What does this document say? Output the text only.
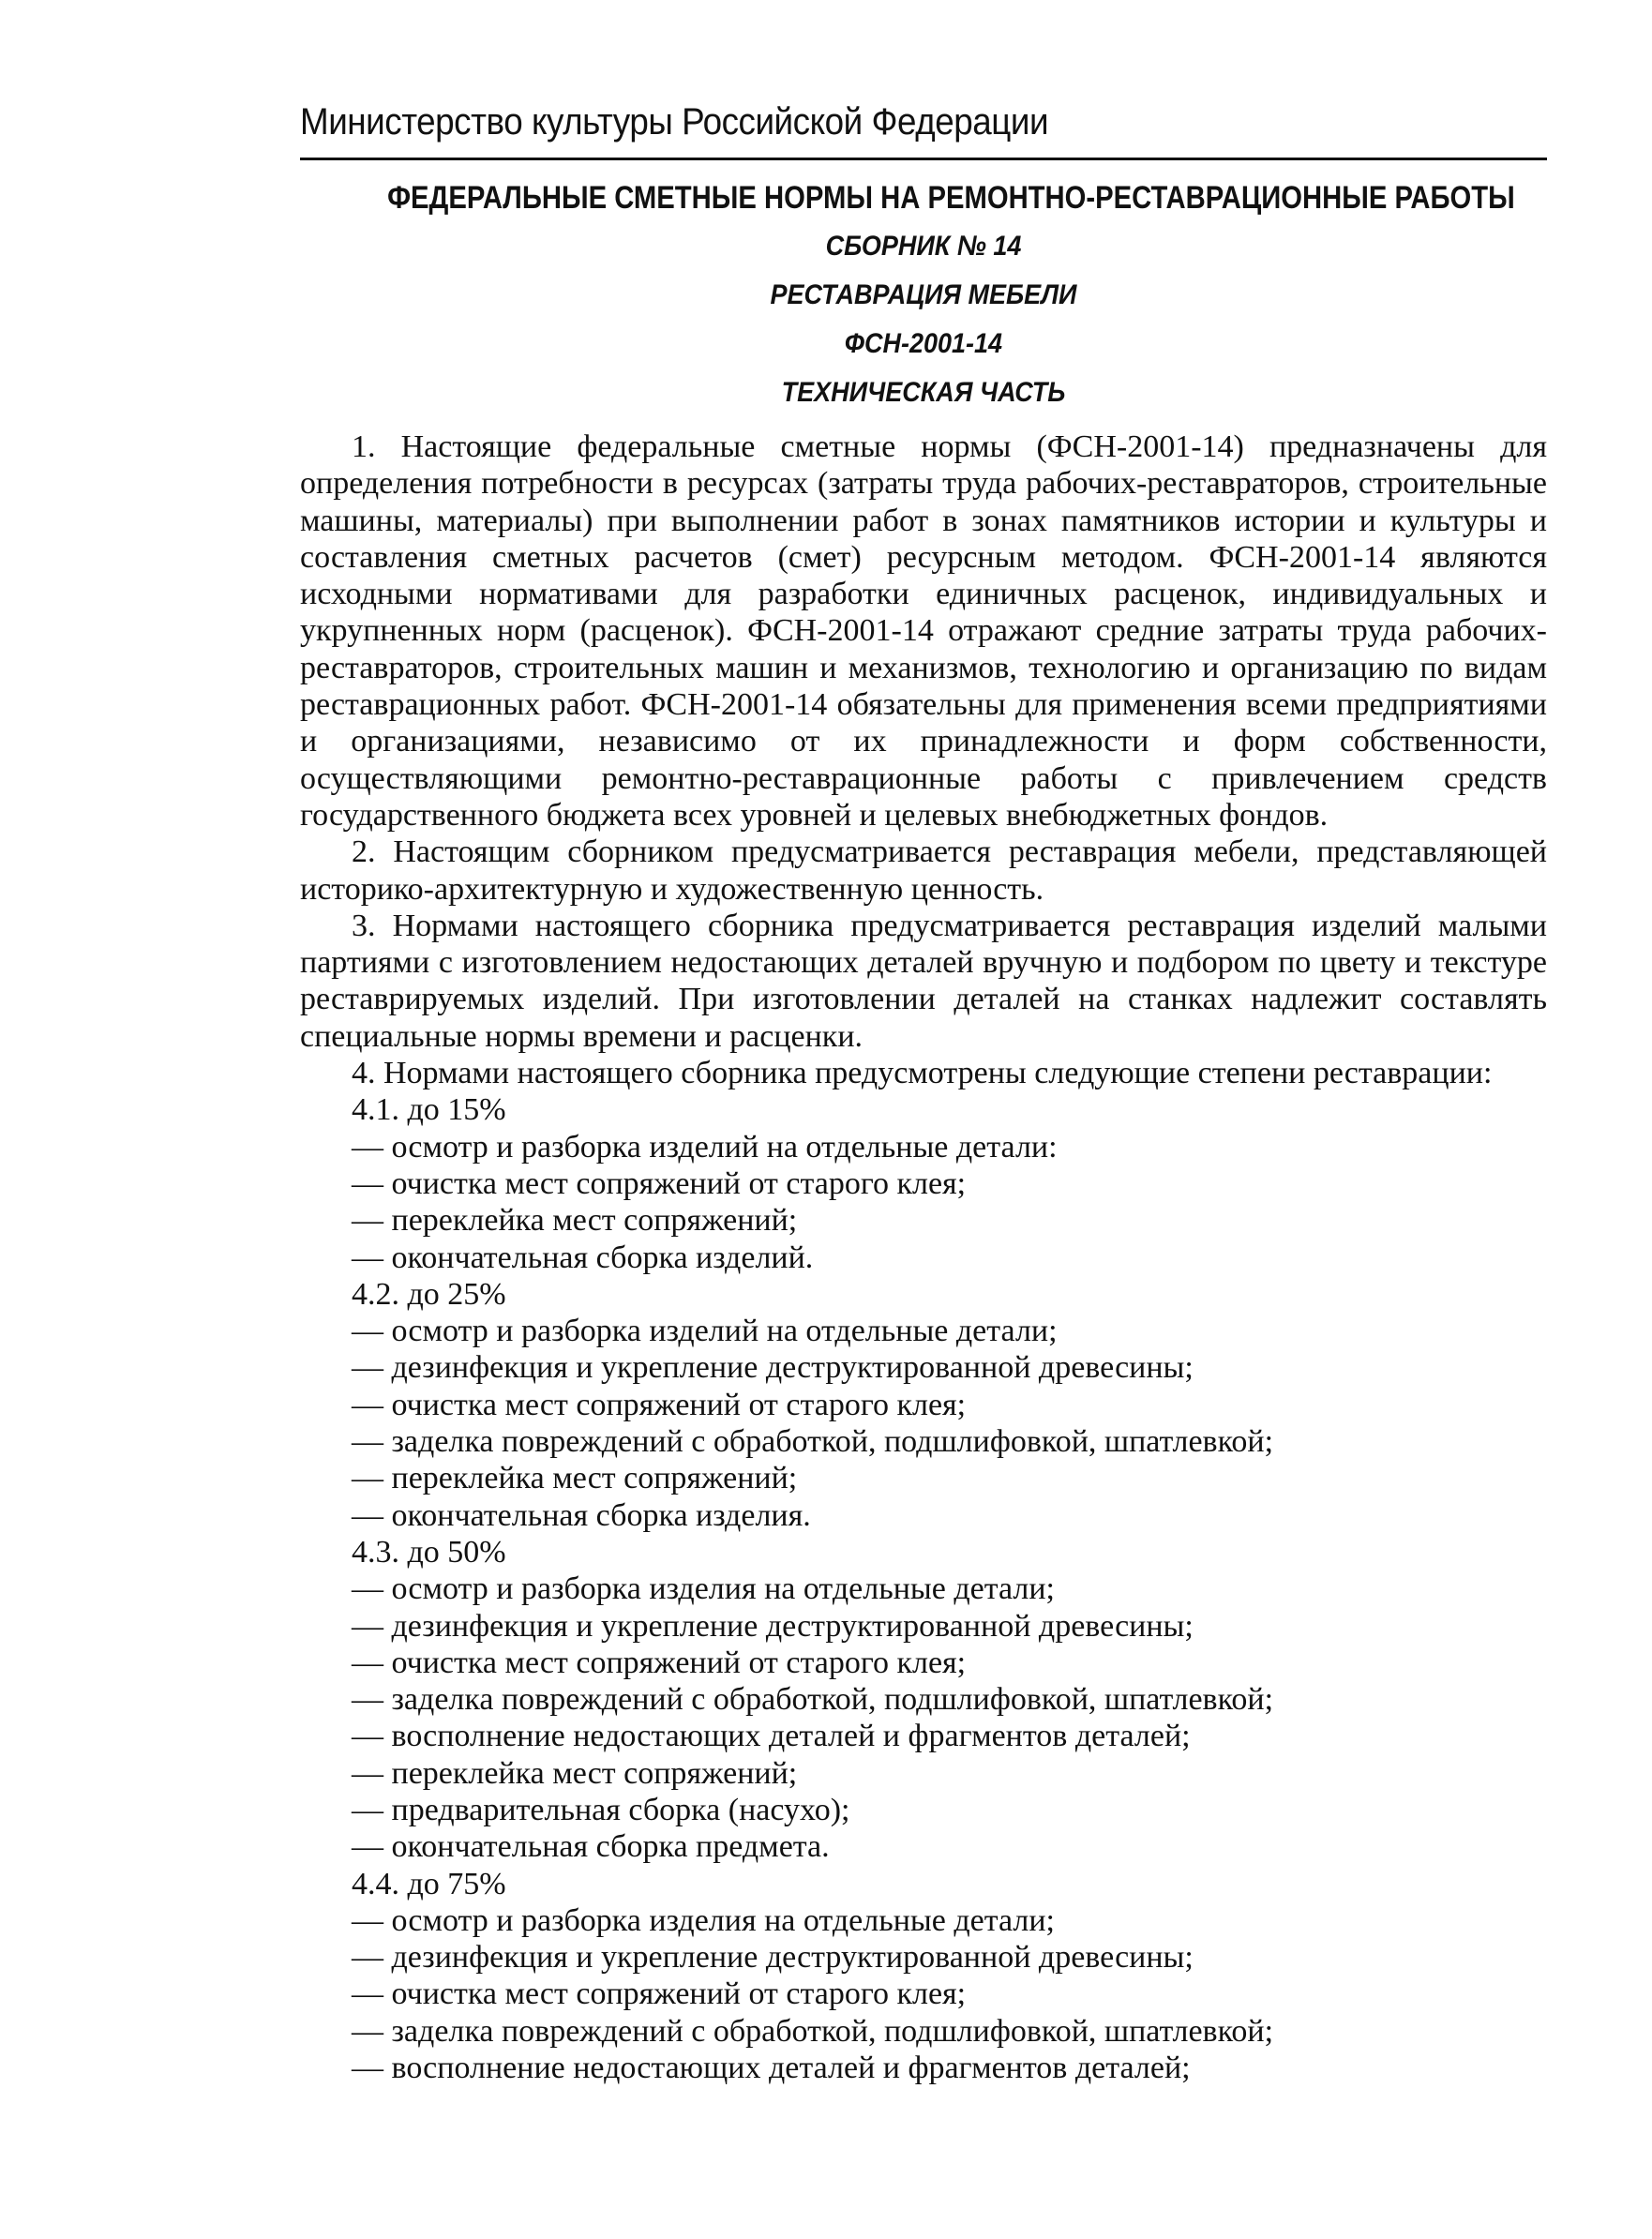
Министерство культуры Российской Федерации
ФЕДЕРАЛЬНЫЕ СМЕТНЫЕ НОРМЫ НА РЕМОНТНО-РЕСТАВРАЦИОННЫЕ РАБОТЫ
СБОРНИК № 14
РЕСТАВРАЦИЯ МЕБЕЛИ
ФСН-2001-14
ТЕХНИЧЕСКАЯ ЧАСТЬ

1. Настоящие федеральные сметные нормы (ФСН-2001-14) предназначены для определения потребности в ресурсах (затраты труда рабочих-реставраторов, строительные машины, материалы) при выполнении работ в зонах памятников истории и культуры и составления сметных расчетов (смет) ресурсным методом. ФСН-2001-14 являются исходными нормативами для разработки единичных расценок, индивидуальных и укрупненных норм (расценок). ФСН-2001-14 отражают средние затраты труда рабочих-реставраторов, строительных машин и механизмов, технологию и организацию по видам реставрационных работ. ФСН-2001-14 обязательны для применения всеми предприятиями и организациями, независимо от их принадлежности и форм собственности, осуществляющими ремонтно-реставрационные работы с привлечением средств государственного бюджета всех уровней и целевых внебюджетных фондов.

2. Настоящим сборником предусматривается реставрация мебели, представляющей историко-архитектурную и художественную ценность.

3. Нормами настоящего сборника предусматривается реставрация изделий малыми партиями с изготовлением недостающих деталей вручную и подбором по цвету и текстуре реставрируемых изделий. При изготовлении деталей на станках надлежит составлять специальные нормы времени и расценки.

4. Нормами настоящего сборника предусмотрены следующие степени реставрации:

4.1. до 15%
— осмотр и разборка изделий на отдельные детали:
— очистка мест сопряжений от старого клея;
— переклейка мест сопряжений;
— окончательная сборка изделий.
4.2. до 25%
— осмотр и разборка изделий на отдельные детали;
— дезинфекция и укрепление деструктированной древесины;
— очистка мест сопряжений от старого клея;
— заделка повреждений с обработкой, подшлифовкой, шпатлевкой;
— переклейка мест сопряжений;
— окончательная сборка изделия.
4.3. до 50%
— осмотр и разборка изделия на отдельные детали;
— дезинфекция и укрепление деструктированной древесины;
— очистка мест сопряжений от старого клея;
— заделка повреждений с обработкой, подшлифовкой, шпатлевкой;
— восполнение недостающих деталей и фрагментов деталей;
— переклейка мест сопряжений;
— предварительная сборка (насухо);
— окончательная сборка предмета.
4.4. до 75%
— осмотр и разборка изделия на отдельные детали;
— дезинфекция и укрепление деструктированной древесины;
— очистка мест сопряжений от старого клея;
— заделка повреждений с обработкой, подшлифовкой, шпатлевкой;
— восполнение недостающих деталей и фрагментов деталей;
